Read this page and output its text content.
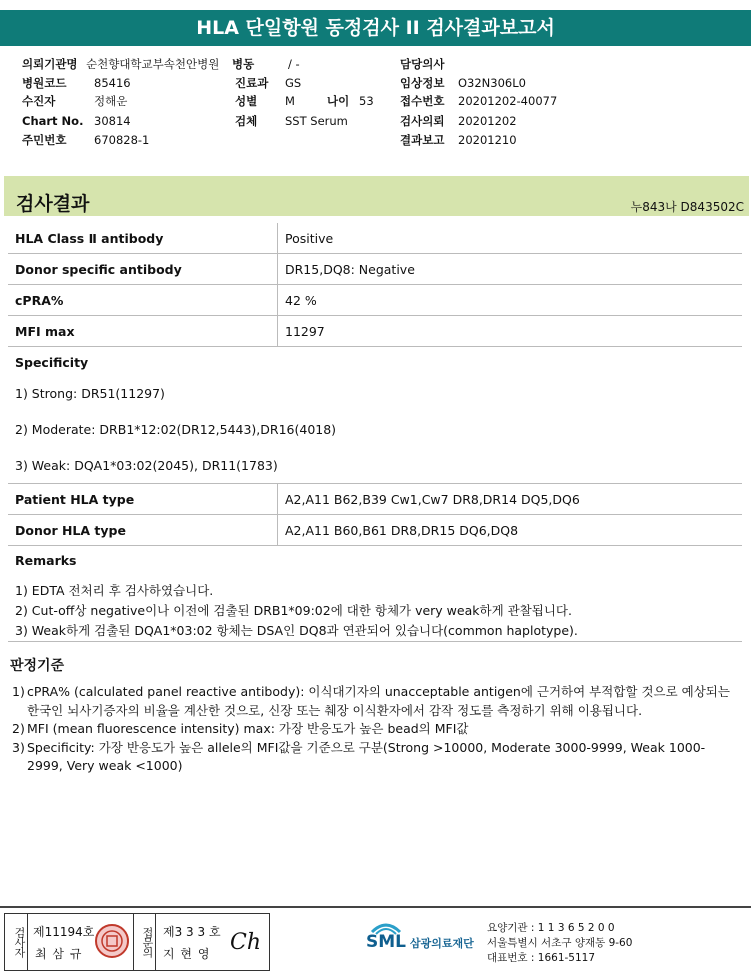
HLA 단일항원 동정검사 II 검사결과보고서
의뢰기관명 순천향대학교부속천안병원
병원코드 85416
수진자	정해운
Chart No. 30814
주민번호 670828-1
병동	/ -
진료과 GS
성별 M	나이 53
검체 SST Serum
담당의사
임상정보 O32N306L0
접수번호 20201202-40077
검사의뢰 20201202
결과보고 20201210
검사결과	누843나 D843502C
HLA Class Ⅱ antibody	Positive
Donor specific antibody	DR15,DQ8: Negative
cPRA%	42 %
MFI max	11297
Specificity
1) Strong: DR51(11297)
2) Moderate: DRB1*12:02(DR12,5443),DR16(4018)
3) Weak: DQA1*03:02(2045), DR11(1783)
Patient HLA type	A2,A11 B62,B39 Cw1,Cw7 DR8,DR14 DQ5,DQ6
Donor HLA type	A2,A11 B60,B61 DR8,DR15 DQ6,DQ8
Remarks
1) EDTA 전처리 후 검사하였습니다.
2) Cut-off상 negative이나 이전에 검출된 DRB1*09:02에 대한 항체가 very weak하게 관찰됩니다.
3) Weak하게 검출된 DQA1*03:02 항체는 DSA인 DQ8과 연관되어 있습니다(common haplotype).
판정기준
1) cPRA% (calculated panel reactive antibody): 이식대기자의 unacceptable antigen에 근거하여 부적합할 것으로 예상되는 한국인 뇌사기증자의 비율을 계산한 것으로, 신장 또는 췌장 이식환자에서 감작 정도를 측정하기 위해 이용됩니다.
2) MFI (mean fluorescence intensity) max: 가장 반응도가 높은 bead의 MFI값
3) Specificity: 가장 반응도가 높은 allele의 MFI값을 기준으로 구분(Strong >10000, Moderate 3000-9999, Weak 1000-2999, Very weak <1000)
검사자 제11194호
최 삼 규	접문의 제3 3 3 호
지 현 영 Ch	SML 삼광의료재단
요양기관 : 1 1 3 6 5 2 0 0
서울특별시 서초구 양재동 9-60
대표번호 : 1661-5117
